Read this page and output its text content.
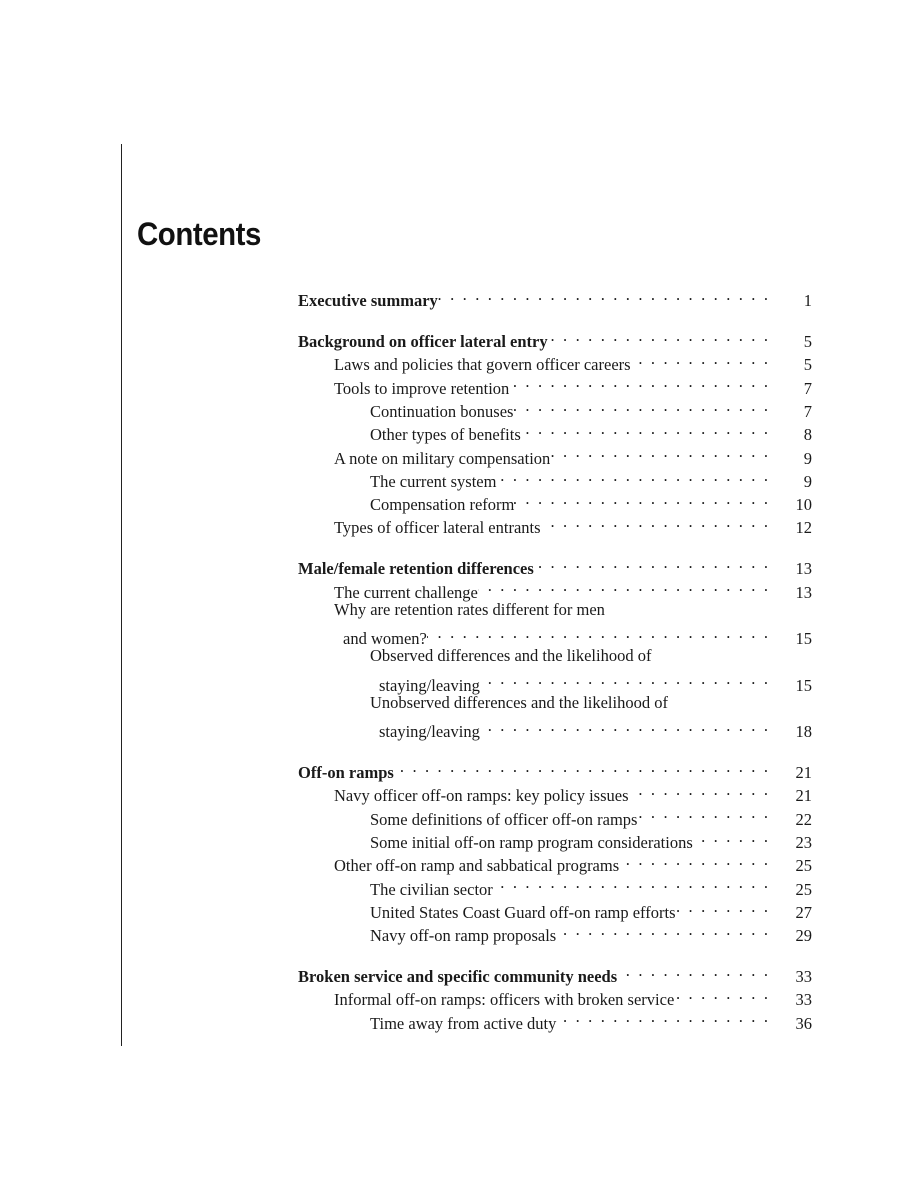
Contents
Executive summary . . .	1
Background on officer lateral entry . . .	5
Laws and policies that govern officer careers . . .	5
Tools to improve retention . . .	7
Continuation bonuses . . .	7
Other types of benefits . . .	8
A note on military compensation . . .	9
The current system . . .	9
Compensation reform . . .	10
Types of officer lateral entrants . . .	12
Male/female retention differences . . .	13
The current challenge . . .	13
Why are retention rates different for men
and women? . . .	15
Observed differences and the likelihood of
staying/leaving . . .	15
Unobserved differences and the likelihood of
staying/leaving . . .	18
Off-on ramps . . .	21
Navy officer off-on ramps: key policy issues . . .	21
Some definitions of officer off-on ramps . . .	22
Some initial off-on ramp program considerations . . .	23
Other off-on ramp and sabbatical programs . . .	25
The civilian sector . . .	25
United States Coast Guard off-on ramp efforts . . .	27
Navy off-on ramp proposals . . .	29
Broken service and specific community needs . . .	33
Informal off-on ramps: officers with broken service . . .	33
Time away from active duty . . .	36
